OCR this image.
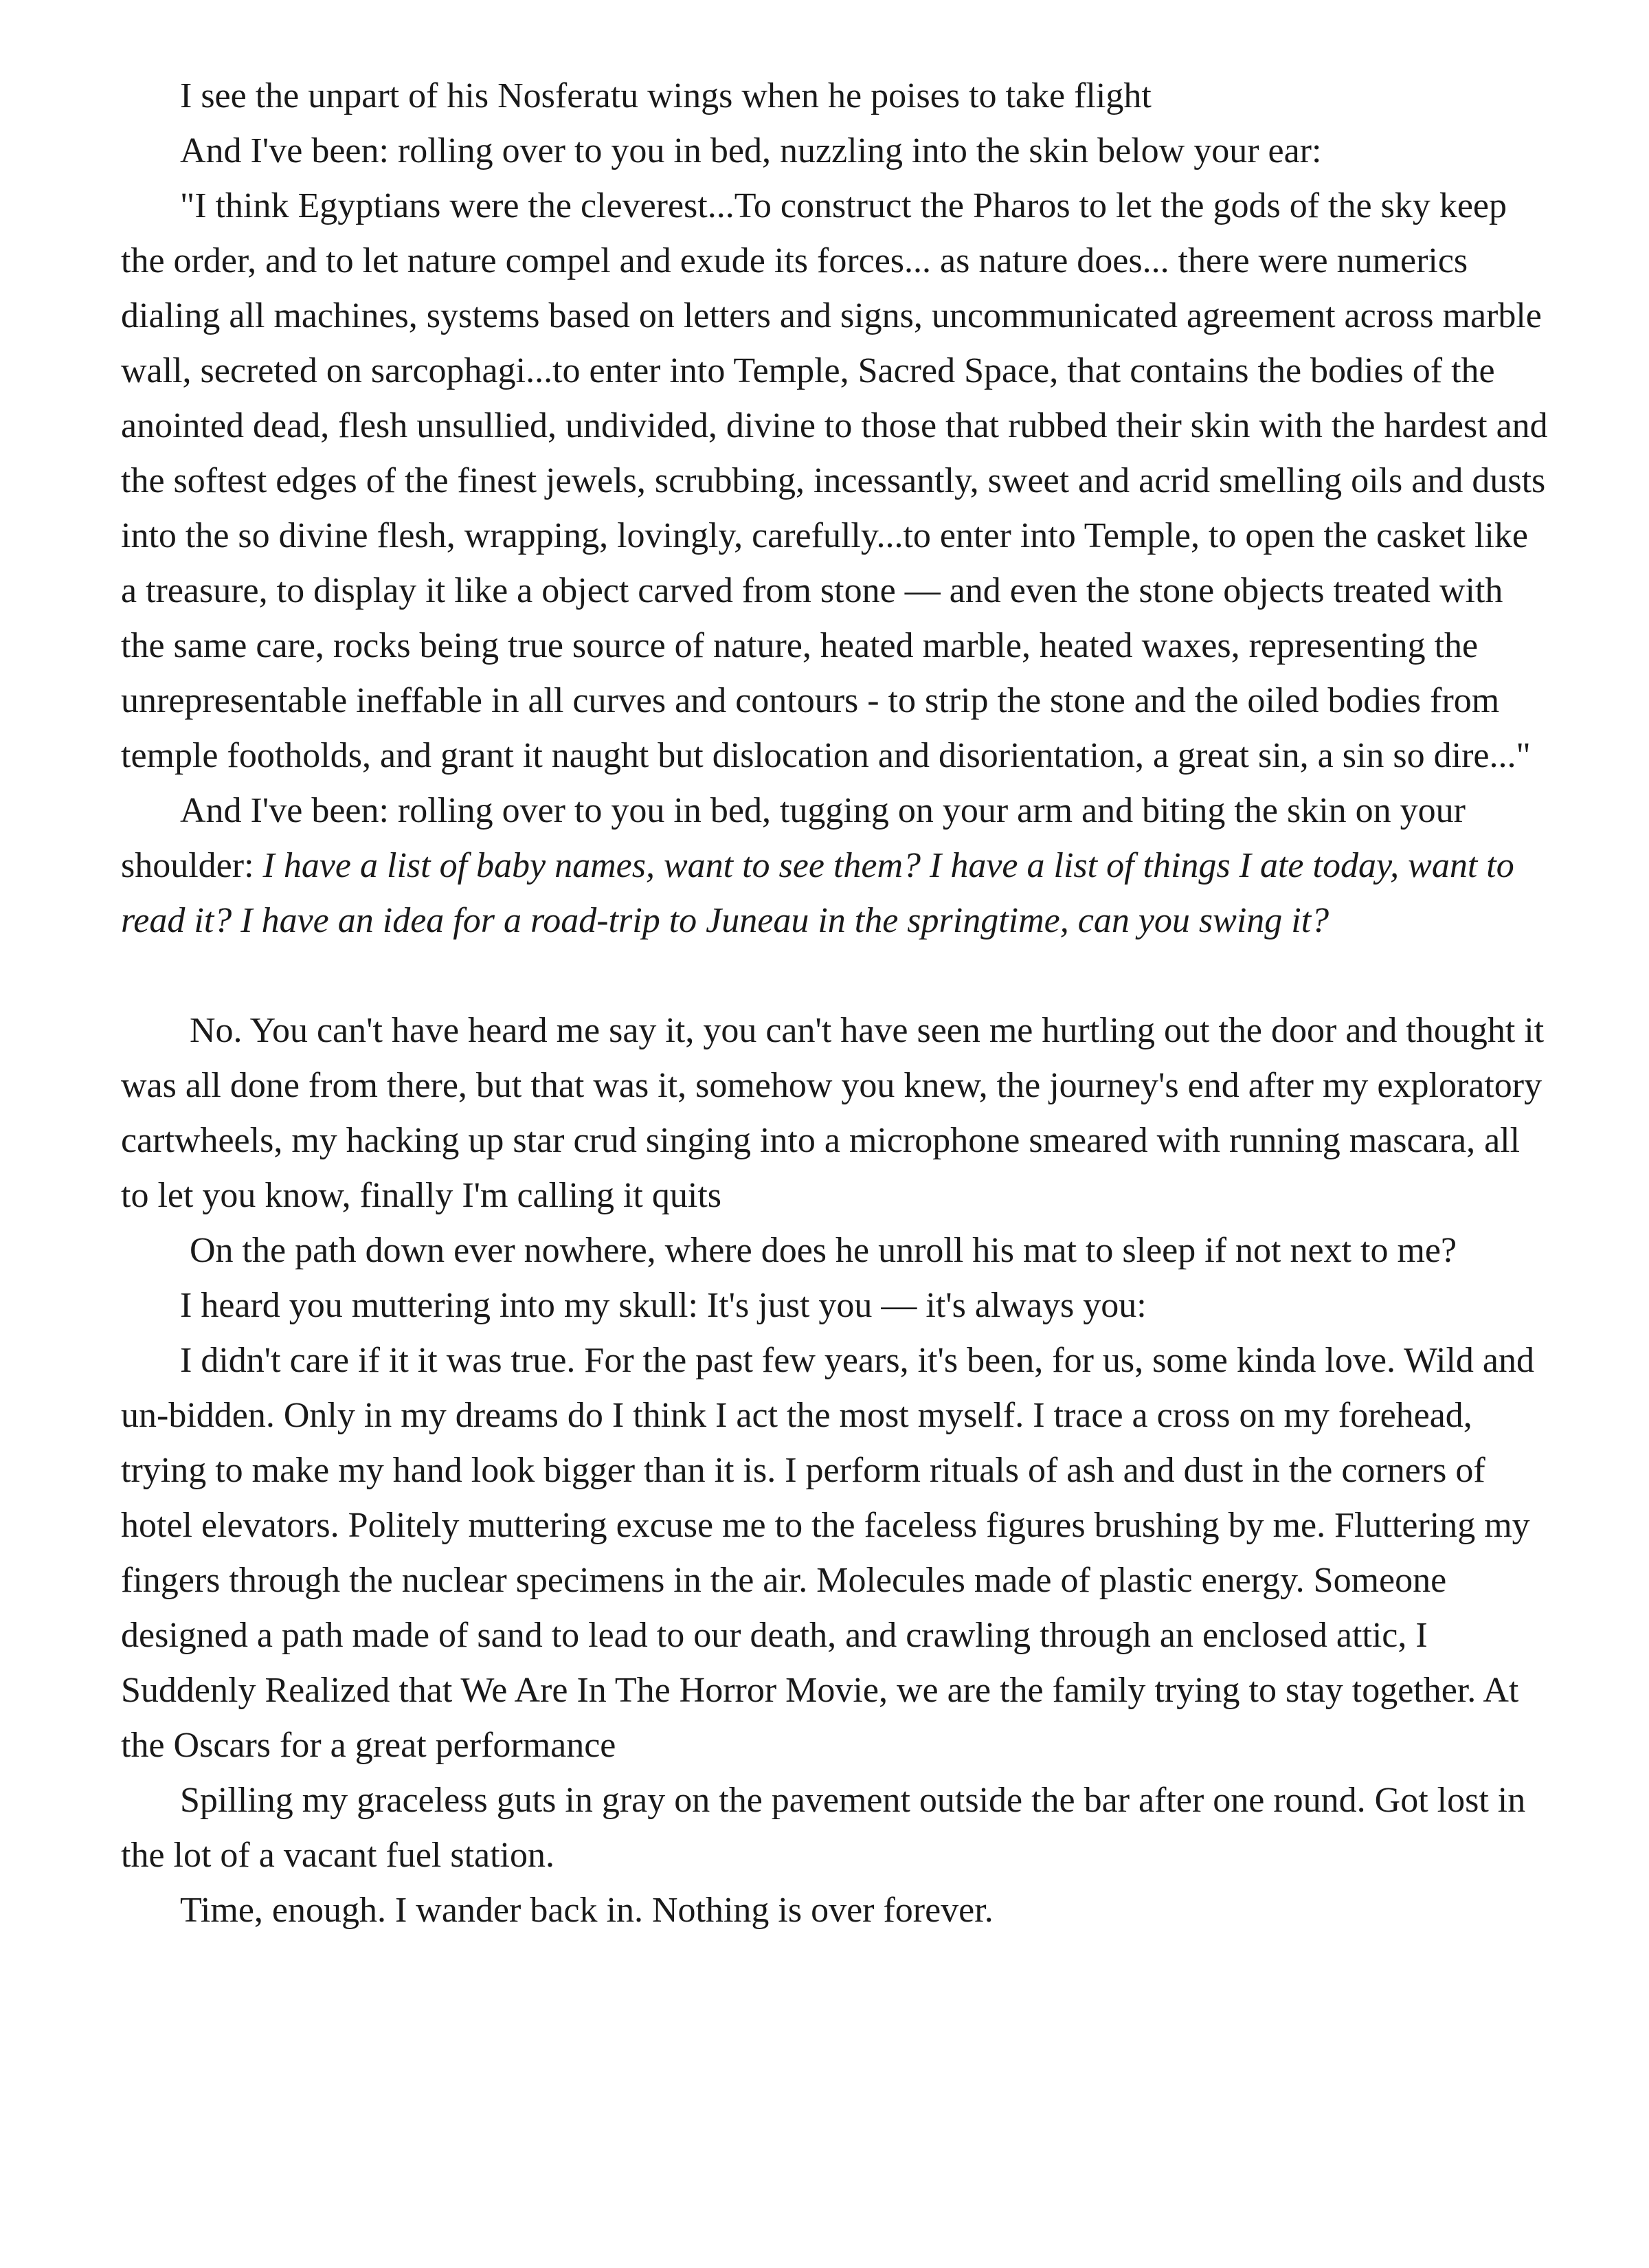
I see the unpart of his Nosferatu wings when he poises to take flight

And I've been: rolling over to you in bed, nuzzling into the skin below your ear:

"I think Egyptians were the cleverest...To construct the Pharos to let the gods of the sky keep the order, and to let nature compel and exude its forces... as nature does... there were numerics dialing all machines, systems based on letters and signs, uncommunicated agreement across marble wall, secreted on sarcophagi...to enter into Temple, Sacred Space, that contains the bodies of the anointed dead, flesh unsullied, undivided, divine to those that rubbed their skin with the hardest and the softest edges of the finest jewels, scrubbing, incessantly, sweet and acrid smelling oils and dusts into the so divine flesh, wrapping, lovingly, carefully...to enter into Temple, to open the casket like a treasure, to display it like a object carved from stone — and even the stone objects treated with the same care, rocks being true source of nature, heated marble, heated waxes, representing the unrepresentable ineffable in all curves and contours - to strip the stone and the oiled bodies from temple footholds, and grant it naught but dislocation and disorientation, a great sin, a sin so dire..."

And I've been: rolling over to you in bed, tugging on your arm and biting the skin on your shoulder: I have a list of baby names, want to see them? I have a list of things I ate today, want to read it? I have an idea for a road-trip to Juneau in the springtime, can you swing it?

No. You can't have heard me say it, you can't have seen me hurtling out the door and thought it was all done from there, but that was it, somehow you knew, the journey's end after my exploratory cartwheels, my hacking up star crud singing into a microphone smeared with running mascara, all to let you know, finally I'm calling it quits

On the path down ever nowhere, where does he unroll his mat to sleep if not next to me?

I heard you muttering into my skull: It's just you — it's always you:

I didn't care if it it was true. For the past few years, it's been, for us, some kinda love. Wild and un-bidden. Only in my dreams do I think I act the most myself. I trace a cross on my forehead, trying to make my hand look bigger than it is. I perform rituals of ash and dust in the corners of hotel elevators. Politely muttering excuse me to the faceless figures brushing by me. Fluttering my fingers through the nuclear specimens in the air. Molecules made of plastic energy. Someone designed a path made of sand to lead to our death, and crawling through an enclosed attic, I Suddenly Realized that We Are In The Horror Movie, we are the family trying to stay together. At the Oscars for a great performance

Spilling my graceless guts in gray on the pavement outside the bar after one round. Got lost in the lot of a vacant fuel station.

Time, enough. I wander back in. Nothing is over forever.
